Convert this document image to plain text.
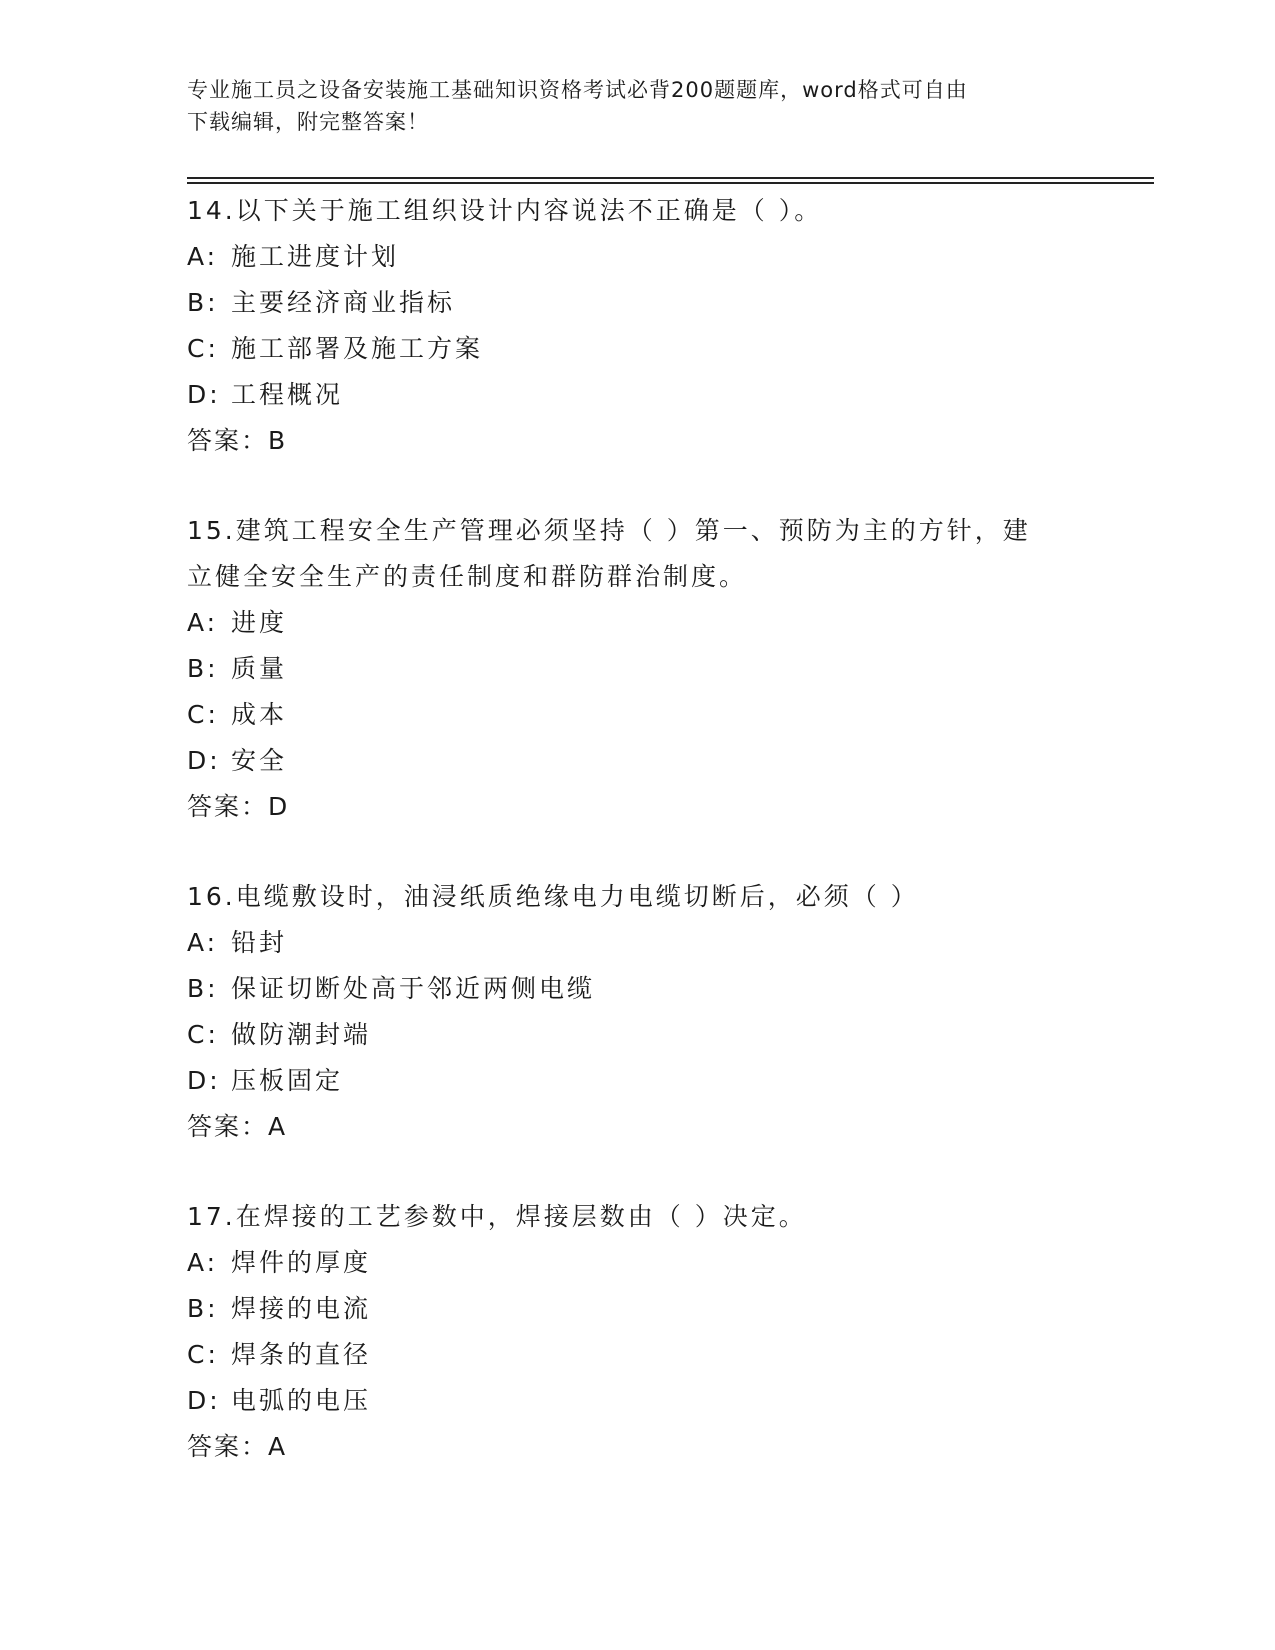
专业施工员之设备安装施工基础知识资格考试必背200题题库，word格式可自由
下载编辑，附完整答案！
14.以下关于施工组织设计内容说法不正确是（ ）。
A: 施工进度计划
B: 主要经济商业指标
C: 施工部署及施工方案
D: 工程概况
答案：B
15.建筑工程安全生产管理必须坚持（ ）第一、预防为主的方针，建
立健全安全生产的责任制度和群防群治制度。
A: 进度
B: 质量
C: 成本
D: 安全
答案：D
16.电缆敷设时，油浸纸质绝缘电力电缆切断后，必须（ ）
A: 铅封
B: 保证切断处高于邻近两侧电缆
C: 做防潮封端
D: 压板固定
答案：A
17.在焊接的工艺参数中，焊接层数由（ ）决定。
A: 焊件的厚度
B: 焊接的电流
C: 焊条的直径
D: 电弧的电压
答案：A
